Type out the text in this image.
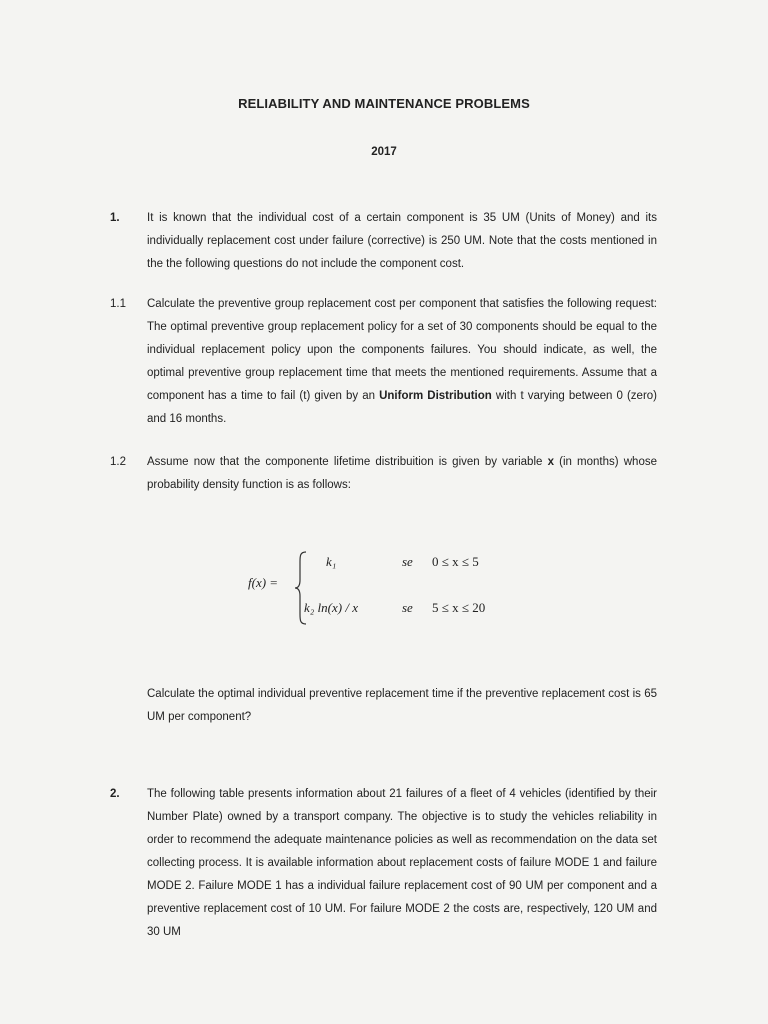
RELIABILITY AND MAINTENANCE PROBLEMS
2017
1. It is known that the individual cost of a certain component is 35 UM (Units of Money) and its individually replacement cost under failure (corrective) is 250 UM. Note that the costs mentioned in the the following questions do not include the component cost.
1.1 Calculate the preventive group replacement cost per component that satisfies the following request: The optimal preventive group replacement policy for a set of 30 components should be equal to the individual replacement policy upon the components failures. You should indicate, as well, the optimal preventive group replacement time that meets the mentioned requirements. Assume that a component has a time to fail (t) given by an Uniform Distribution with t varying between 0 (zero) and 16 months.
1.2 Assume now that the componente lifetime distribuition is given by variable x (in months) whose probability density function is as follows:
f(x) =
k₁	se 0 ≤ x ≤ 5
k₂ ln(x) / x	se 5 ≤ x ≤ 20
Calculate the optimal individual preventive replacement time if the preventive replacement cost is 65 UM per component?
2. The following table presents information about 21 failures of a fleet of 4 vehicles (identified by their Number Plate) owned by a transport company. The objective is to study the vehicles reliability in order to recommend the adequate maintenance policies as well as recommendation on the data set collecting process. It is available information about replacement costs of failure MODE 1 and failure MODE 2. Failure MODE 1 has a individual failure replacement cost of 90 UM per component and a preventive replacement cost of 10 UM. For failure MODE 2 the costs are, respectively, 120 UM and 30 UM
